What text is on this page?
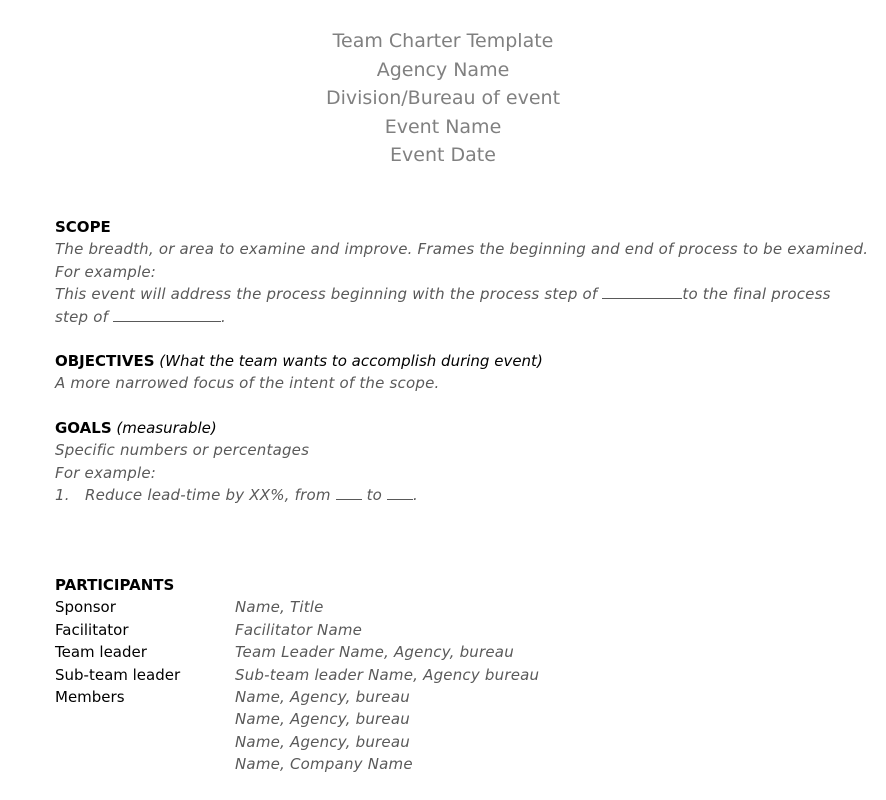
Team Charter Template
Agency Name
Division/Bureau of event
Event Name
Event Date
SCOPE
The breadth, or area to examine and improve. Frames the beginning and end of process to be examined.
For example:
This event will address the process beginning with the process step of	to the final process
step of	.
OBJECTIVES (What the team wants to accomplish during event)
A more narrowed focus of the intent of the scope.
GOALS (measurable)
Specific numbers or percentages
For example:
1. Reduce lead-time by XX%, from to .
PARTICIPANTS
Sponsor	Name, Title
Facilitator	Facilitator Name
Team leader	Team Leader Name, Agency, bureau
Sub-team leader	Sub-team leader Name, Agency bureau
Members	Name, Agency, bureau
Name, Agency, bureau
Name, Agency, bureau
Name, Company Name
